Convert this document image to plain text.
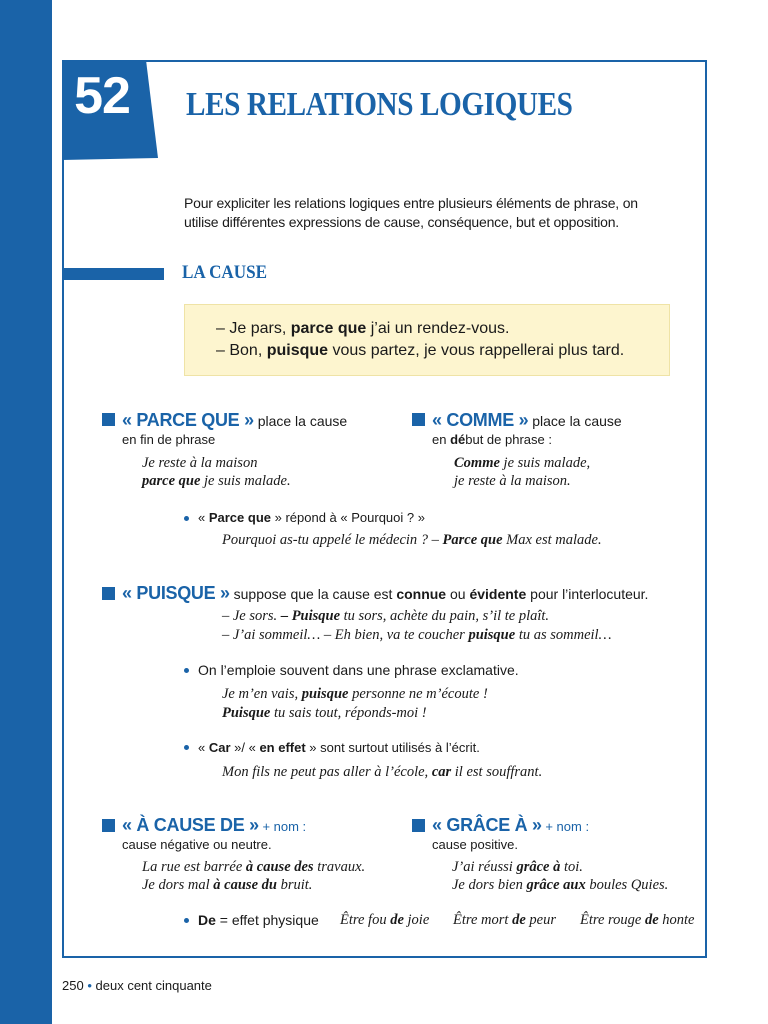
52 LES RELATIONS LOGIQUES
Pour expliciter les relations logiques entre plusieurs éléments de phrase, on utilise différentes expressions de cause, conséquence, but et opposition.
LA CAUSE
– Je pars, parce que j’ai un rendez-vous.
– Bon, puisque vous partez, je vous rappellerai plus tard.
« PARCE QUE » place la cause
en fin de phrase
Je reste à la maison
parce que je suis malade.
« COMME » place la cause
en début de phrase :
Comme je suis malade,
je reste à la maison.
« Parce que » répond à « Pourquoi ? »
Pourquoi as-tu appelé le médecin ? – Parce que Max est malade.
« PUISQUE » suppose que la cause est connue ou évidente pour l’interlocuteur.
– Je sors. – Puisque tu sors, achète du pain, s’il te plaît.
– J’ai sommeil… – Eh bien, va te coucher puisque tu as sommeil…
On l’emploie souvent dans une phrase exclamative.
Je m’en vais, puisque personne ne m’écoute !
Puisque tu sais tout, réponds-moi !
« Car »/ « en effet » sont surtout utilisés à l’écrit.
Mon fils ne peut pas aller à l’école, car il est souffrant.
« À CAUSE DE » + nom :
cause négative ou neutre.
La rue est barrée à cause des travaux.
Je dors mal à cause du bruit.
« GRÂCE À » + nom :
cause positive.
J’ai réussi grâce à toi.
Je dors bien grâce aux boules Quies.
De = effet physique Être fou de joie Être mort de peur Être rouge de honte
250 • deux cent cinquante
